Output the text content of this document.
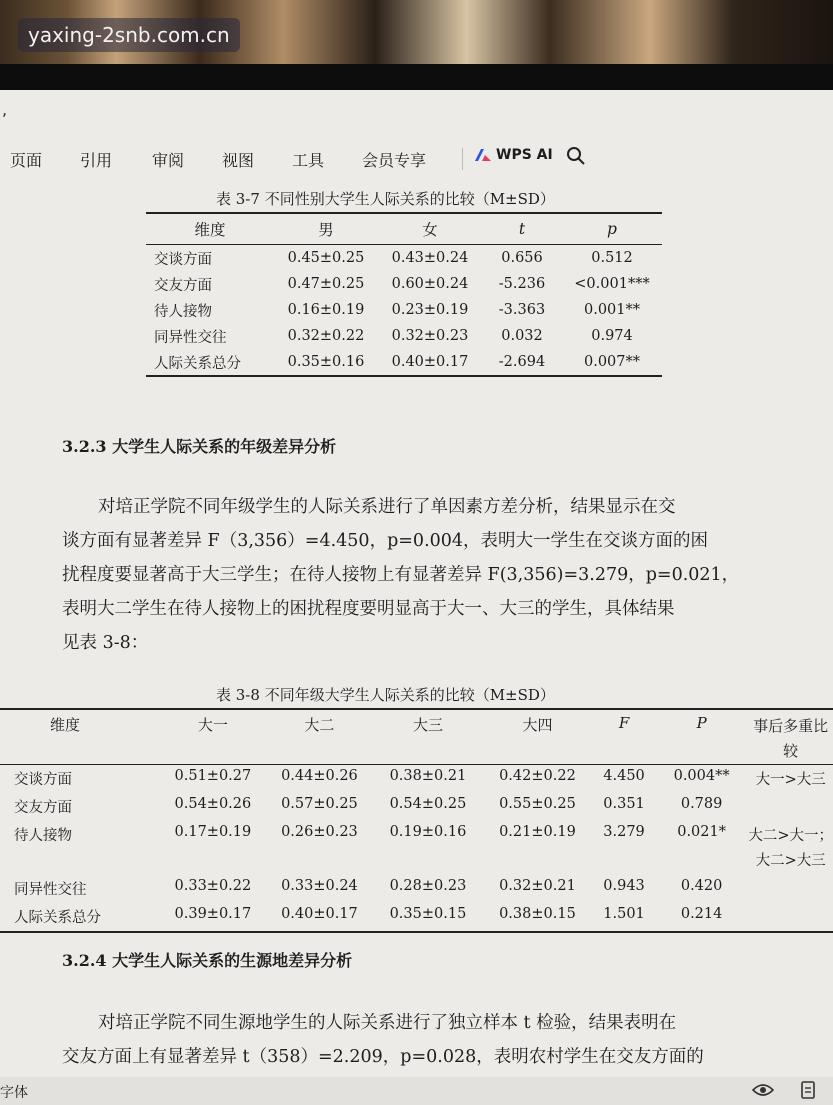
yaxing-2snb.com.cn
,
页面 引用 审阅 视图 工具 会员专享	WPS AI
表 3-7 不同性别大学生人际关系的比较（M±SD）
维度	男	女	t	p
交谈方面	0.45±0.25	0.43±0.24	0.656	0.512
交友方面	0.47±0.25	0.60±0.24	-5.236	<0.001***
待人接物	0.16±0.19	0.23±0.19	-3.363	0.001**
同异性交往	0.32±0.22	0.32±0.23	0.032	0.974
人际关系总分	0.35±0.16	0.40±0.17	-2.694	0.007**
3.2.3 大学生人际关系的年级差异分析

对培正学院不同年级学生的人际关系进行了单因素方差分析，结果显示在交

谈方面有显著差异 F（3,356）=4.450，p=0.004，表明大一学生在交谈方面的困

扰程度要显著高于大三学生；在待人接物上有显著差异 F(3,356)=3.279，p=0.021，

表明大二学生在待人接物上的困扰程度要明显高于大一、大三的学生，具体结果

见表 3-8：

表 3-8 不同年级大学生人际关系的比较（M±SD）
维度	大一	大二	大三	大四	F	P	事后多重比
较

交谈方面	0.51±0.27	0.44±0.26	0.38±0.21	0.42±0.22	4.450	0.004**	大一>大三

交友方面	0.54±0.26	0.57±0.25	0.54±0.25	0.55±0.25	0.351	0.789	
待人接物	0.17±0.19	0.26±0.23	0.19±0.16	0.21±0.19	3.279	0.021*	大二>大一；
大二>大三

同异性交往	0.33±0.22	0.33±0.24	0.28±0.23	0.32±0.21	0.943	0.420	
人际关系总分	0.39±0.17	0.40±0.17	0.35±0.15	0.38±0.15	1.501	0.214	
3.2.4 大学生人际关系的生源地差异分析

对培正学院不同生源地学生的人际关系进行了独立样本 t 检验，结果表明在

交友方面上有显著差异 t（358）=2.209，p=0.028，表明农村学生在交友方面的

字体
